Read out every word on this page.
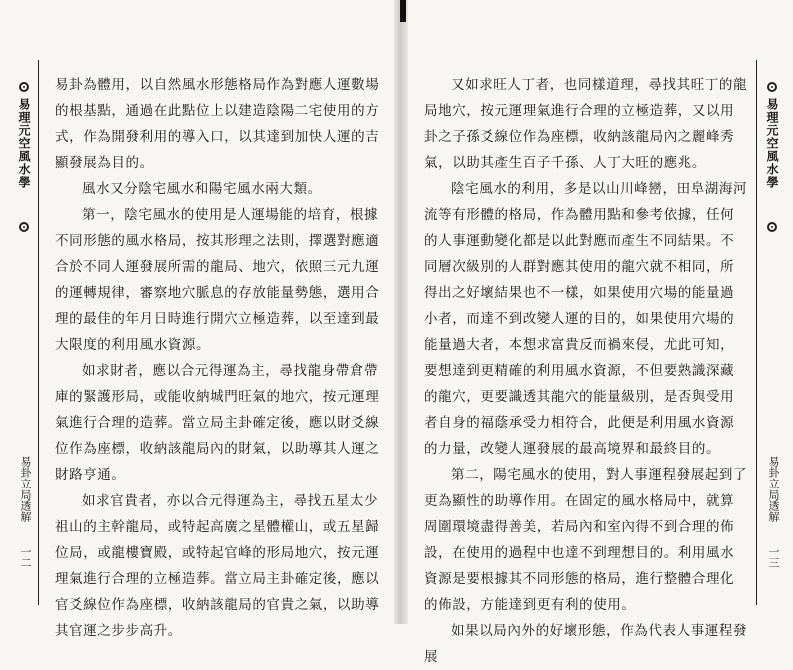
易理元空風水學
易卦立局透解
一二

易卦為體用，以自然風水形態格局作為對應人運數場的根基點，通過在此點位上以建造陰陽二宅使用的方式，作為開發利用的導入口，以其達到加快人運的吉顯發展為目的。

風水又分陰宅風水和陽宅風水兩大類。

第一，陰宅風水的使用是人運場能的培育，根據不同形態的風水格局，按其形理之法則，擇選對應適合於不同人運發展所需的龍局、地穴，依照三元九運的運轉規律，審察地穴脈息的存放能量勢態，選用合理的最佳的年月日時進行開穴立極造葬，以至達到最大限度的利用風水資源。

如求財者，應以合元得運為主，尋找龍身帶倉帶庫的緊護形局，或能收納城門旺氣的地穴，按元運理氣進行合理的造葬。當立局主卦確定後，應以財爻線位作為座標，收納該龍局內的財氣，以助導其人運之財路亨通。

如求官貴者，亦以合元得運為主，尋找五星太少祖山的主幹龍局，或特起高廣之星體權山，或五星歸位局，或龍樓寶殿，或特起官峰的形局地穴，按元運理氣進行合理的立極造葬。當立局主卦確定後，應以官爻線位作為座標，收納該龍局的官貴之氣，以助導其官運之步步高升。

易理元空風水學
易卦立局透解
一三

又如求旺人丁者，也同樣道理，尋找其旺丁的龍局地穴，按元運理氣進行合理的立極造葬，又以用卦之子孫爻線位作為座標，收納該龍局內之麗峰秀氣，以助其產生百子千孫、人丁大旺的應兆。

陰宅風水的利用，多是以山川峰巒，田阜湖海河流等有形體的格局，作為體用點和參考依據，任何的人事運動變化都是以此對應而產生不同結果。不同層次級別的人群對應其使用的龍穴就不相同，所得出之好壞結果也不一樣，如果使用穴場的能量過小者，而達不到改變人運的目的，如果使用穴場的能量過大者，本想求富貴反而禍來侵，尤此可知，要想達到更精確的利用風水資源，不但要熟識深藏的龍穴，更要識透其龍穴的能量級別，是否與受用者自身的福蔭承受力相符合，此便是利用風水資源的力量，改變人運發展的最高境界和最終目的。

第二，陽宅風水的使用，對人事運程發展起到了更為顯性的助導作用。在固定的風水格局中，就算周圍環境盡得善美，若局內和室內得不到合理的佈設，在使用的過程中也達不到理想目的。利用風水資源是要根據其不同形態的格局，進行整體合理化的佈設，方能達到更有利的使用。

如果以局內外的好壞形態，作為代表人事運程發展
